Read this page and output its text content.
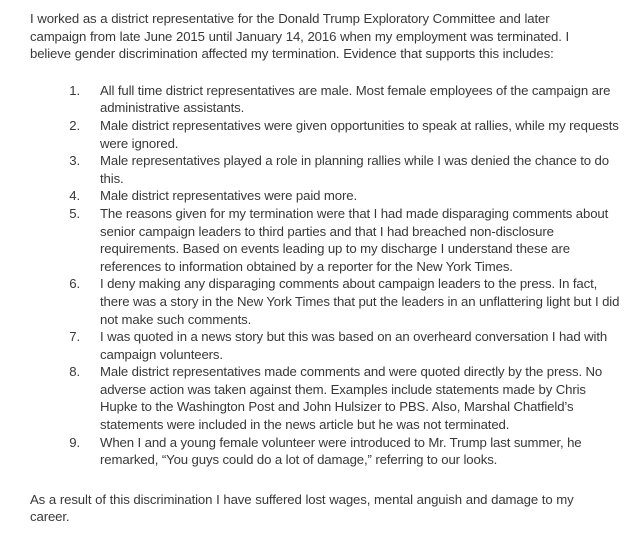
I worked as a district representative for the Donald Trump Exploratory Committee and later campaign from late June 2015 until January 14, 2016 when my employment was terminated. I believe gender discrimination affected my termination. Evidence that supports this includes:

1.	All full time district representatives are male. Most female employees of the campaign are administrative assistants.
2.	Male district representatives were given opportunities to speak at rallies, while my requests were ignored.
3.	Male representatives played a role in planning rallies while I was denied the chance to do this.
4.	Male district representatives were paid more.
5.	The reasons given for my termination were that I had made disparaging comments about senior campaign leaders to third parties and that I had breached non-disclosure requirements. Based on events leading up to my discharge I understand these are references to information obtained by a reporter for the New York Times.
6.	I deny making any disparaging comments about campaign leaders to the press. In fact, there was a story in the New York Times that put the leaders in an unflattering light but I did not make such comments.
7.	I was quoted in a news story but this was based on an overheard conversation I had with campaign volunteers.
8.	Male district representatives made comments and were quoted directly by the press. No adverse action was taken against them. Examples include statements made by Chris Hupke to the Washington Post and John Hulsizer to PBS. Also, Marshal Chatfield’s statements were included in the news article but he was not terminated.
9.	When I and a young female volunteer were introduced to Mr. Trump last summer, he remarked, “You guys could do a lot of damage,” referring to our looks.

As a result of this discrimination I have suffered lost wages, mental anguish and damage to my career.
